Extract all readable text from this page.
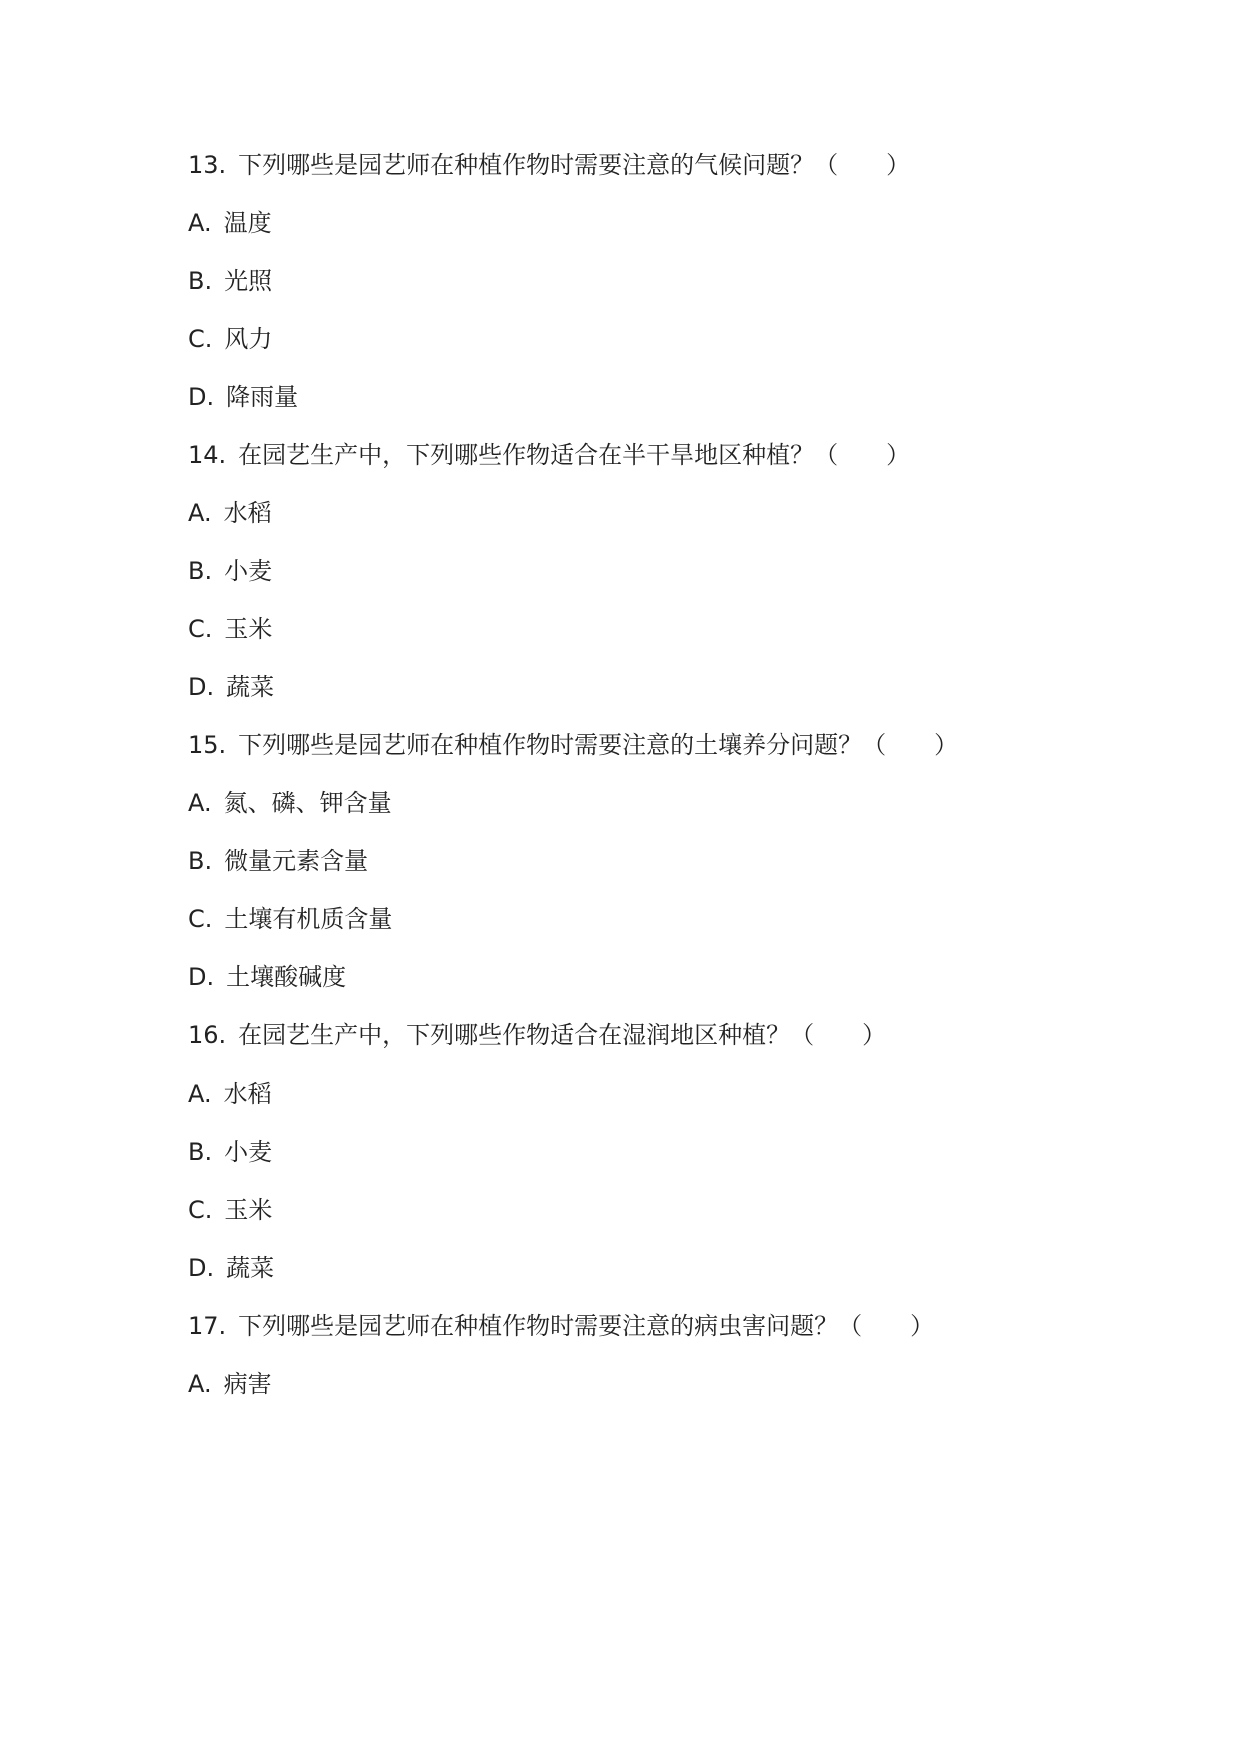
13. 下列哪些是园艺师在种植作物时需要注意的气候问题？（　　）
A. 温度
B. 光照
C. 风力
D. 降雨量
14. 在园艺生产中，下列哪些作物适合在半干旱地区种植？（　　）
A. 水稻
B. 小麦
C. 玉米
D. 蔬菜
15. 下列哪些是园艺师在种植作物时需要注意的土壤养分问题？（　　）
A. 氮、磷、钾含量
B. 微量元素含量
C. 土壤有机质含量
D. 土壤酸碱度
16. 在园艺生产中，下列哪些作物适合在湿润地区种植？（　　）
A. 水稻
B. 小麦
C. 玉米
D. 蔬菜
17. 下列哪些是园艺师在种植作物时需要注意的病虫害问题？（　　）
A. 病害
